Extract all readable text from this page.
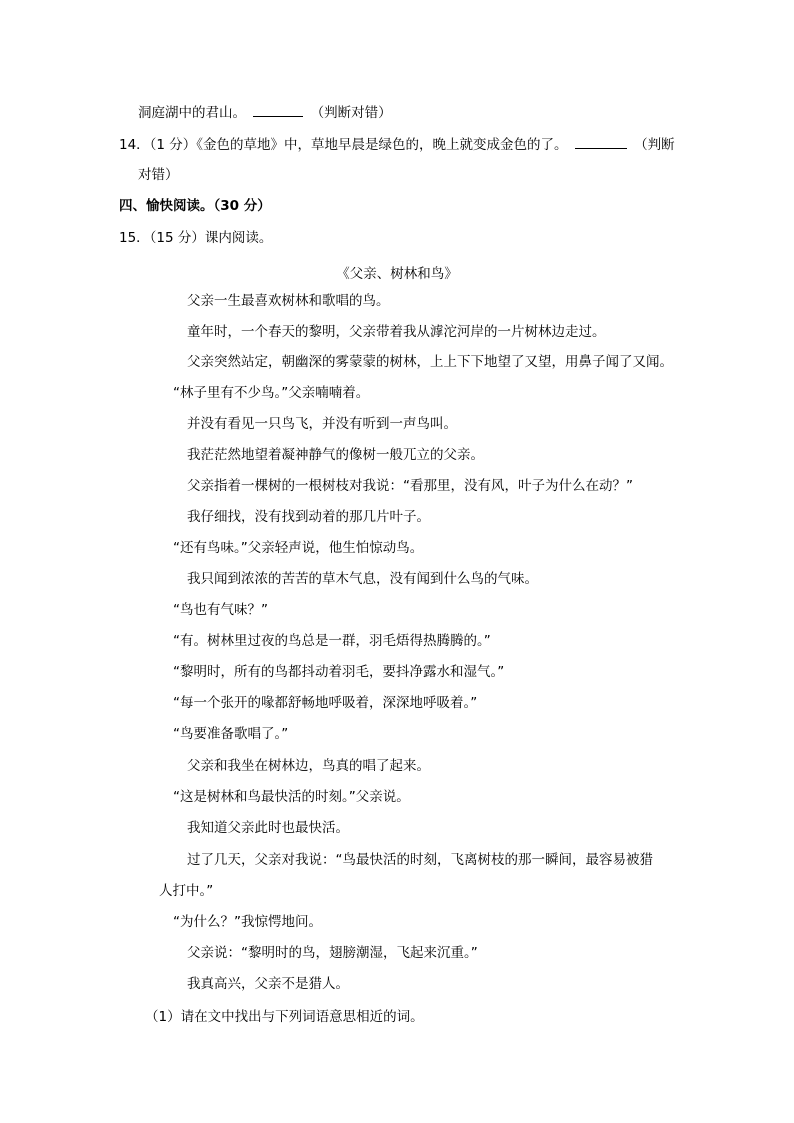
洞庭湖中的君山。	（判断对错）
14．（1 分）《金色的草地》中，草地早晨是绿色的，晚上就变成金色的了。	（判断
对错）
四、愉快阅读。（30 分）
15．（15 分）课内阅读。
《父亲、树林和鸟》
父亲一生最喜欢树林和歌唱的鸟。
童年时，一个春天的黎明，父亲带着我从滹沱河岸的一片树林边走过。
父亲突然站定，朝幽深的雾蒙蒙的树林，上上下下地望了又望，用鼻子闻了又闻。
“林子里有不少鸟。”父亲喃喃着。
并没有看见一只鸟飞，并没有听到一声鸟叫。
我茫茫然地望着凝神静气的像树一般兀立的父亲。
父亲指着一棵树的一根树枝对我说：“看那里，没有风，叶子为什么在动？”
我仔细找，没有找到动着的那几片叶子。
“还有鸟味。”父亲轻声说，他生怕惊动鸟。
我只闻到浓浓的苦苦的草木气息，没有闻到什么鸟的气味。
“鸟也有气味？”
“有。树林里过夜的鸟总是一群，羽毛焐得热腾腾的。”
“黎明时，所有的鸟都抖动着羽毛，要抖净露水和湿气。”
“每一个张开的喙都舒畅地呼吸着，深深地呼吸着。”
“鸟要准备歌唱了。”
父亲和我坐在树林边，鸟真的唱了起来。
“这是树林和鸟最快活的时刻。”父亲说。
我知道父亲此时也最快活。
过了几天，父亲对我说：“鸟最快活的时刻，飞离树枝的那一瞬间，最容易被猎
人打中。”
“为什么？”我惊愕地问。
父亲说：“黎明时的鸟，翅膀潮湿，飞起来沉重。”
我真高兴，父亲不是猎人。
（1）请在文中找出与下列词语意思相近的词。
